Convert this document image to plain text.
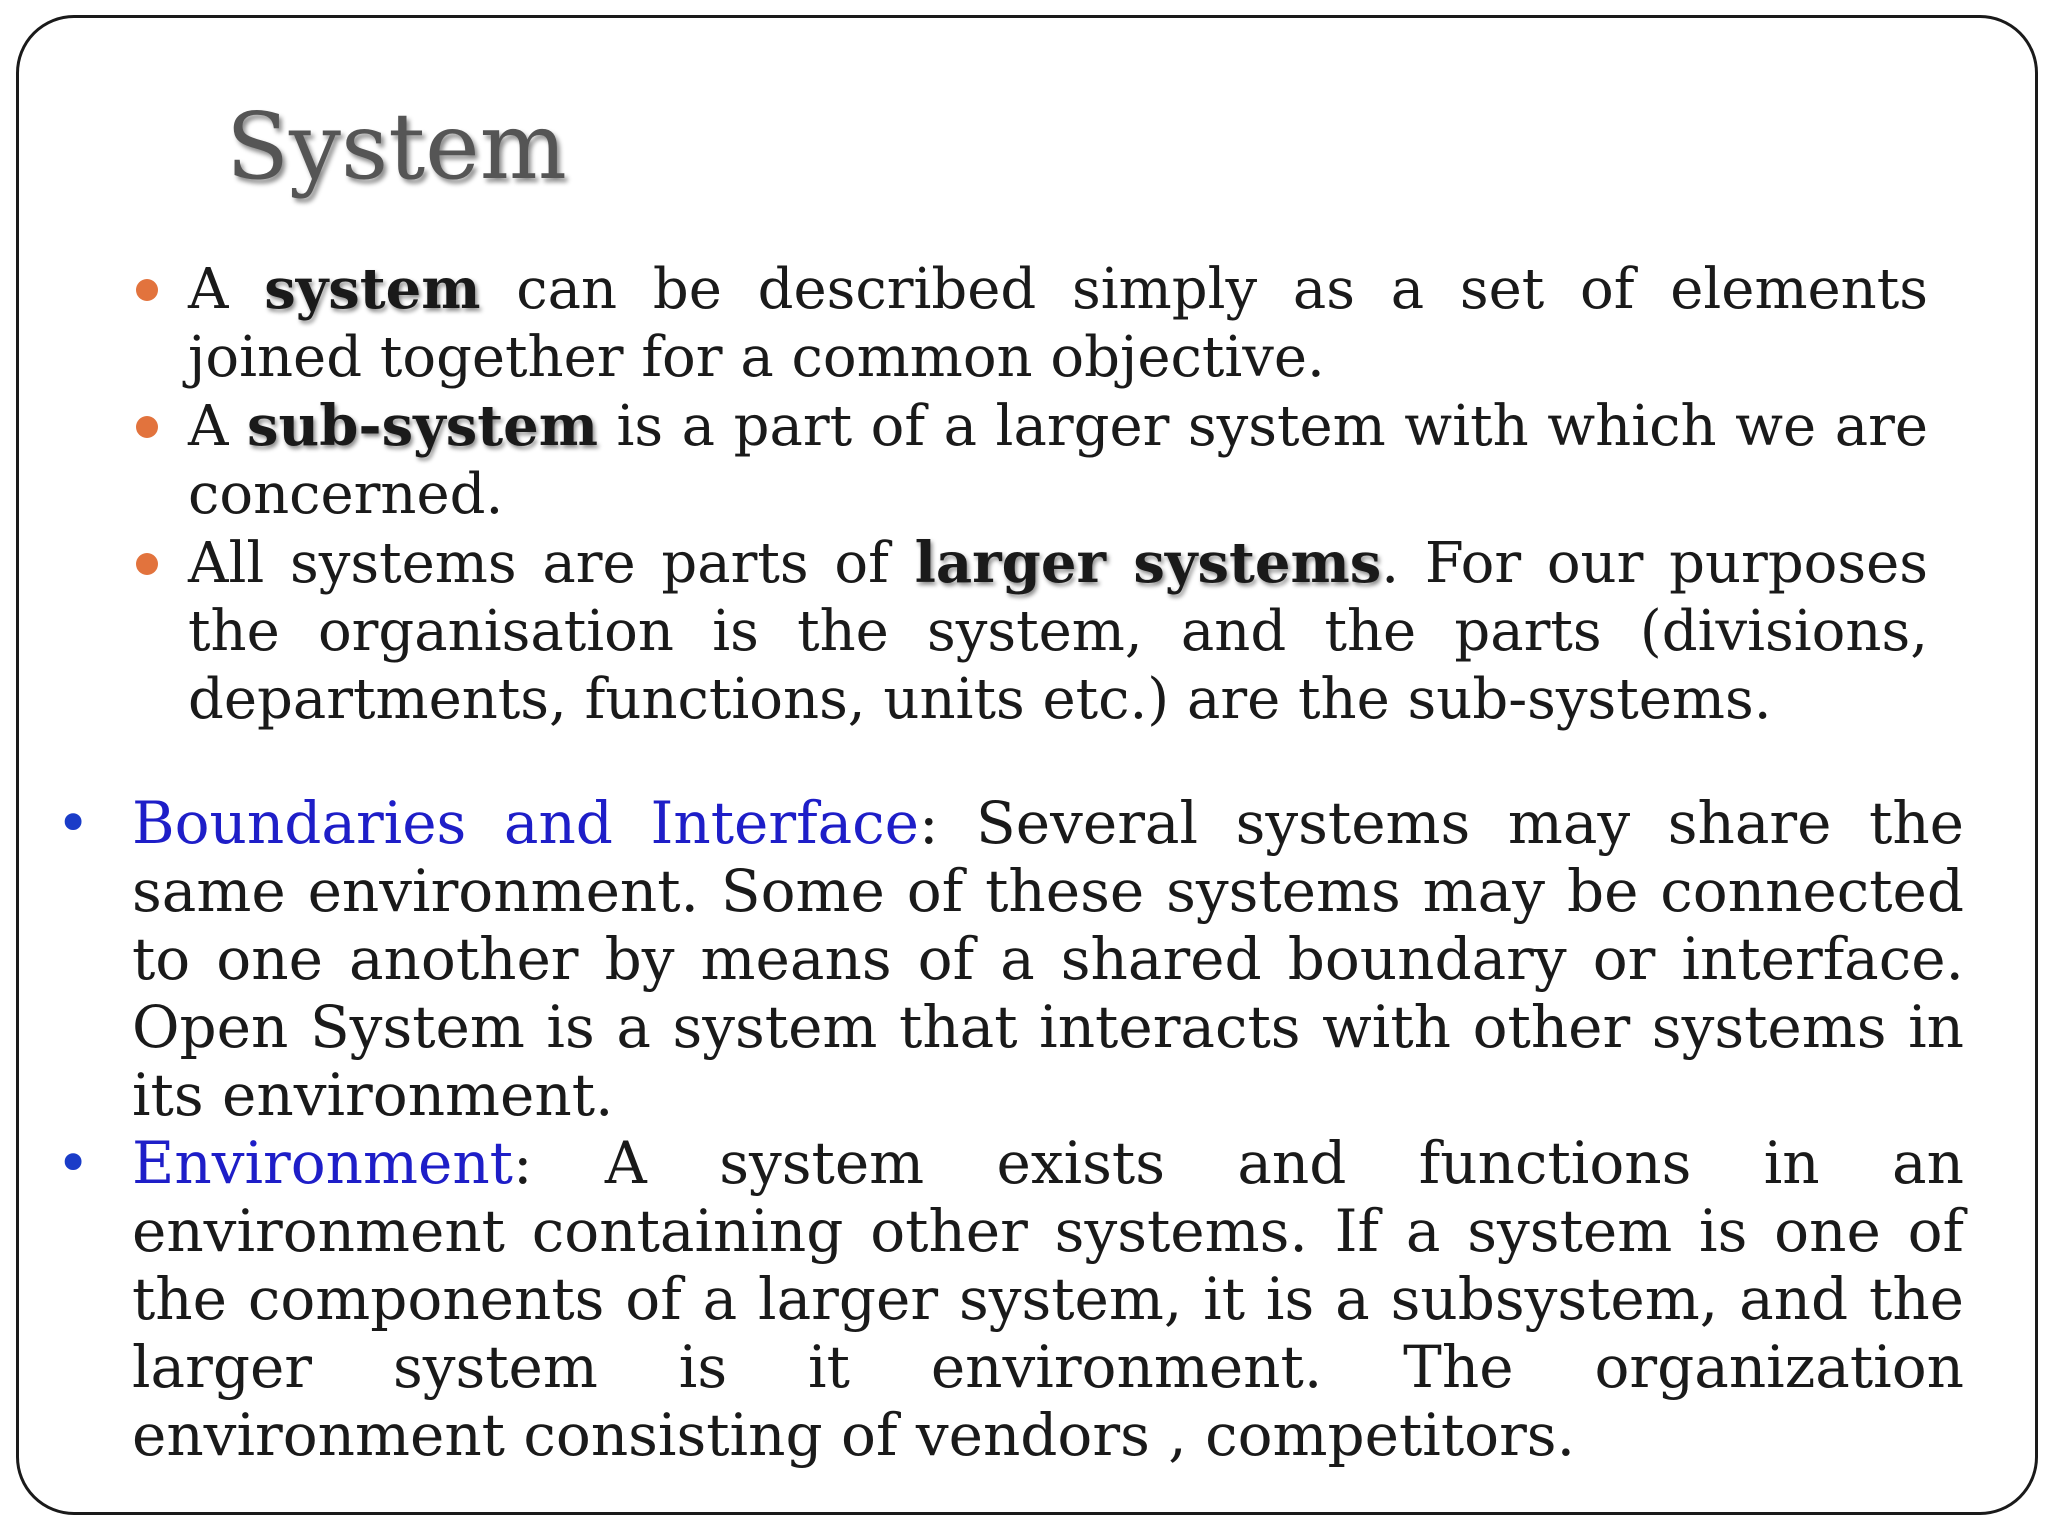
System
A system can be described simply as a set of elements joined together for a common objective.
A sub-system is a part of a larger system with which we are concerned.
All systems are parts of larger systems. For our purposes the organisation is the system, and the parts (divisions, departments, functions, units etc.) are the sub-systems.
• Boundaries and Interface: Several systems may share the same environment. Some of these systems may be connected to one another by means of a shared boundary or interface. Open System is a system that interacts with other systems in its environment.
• Environment: A system exists and functions in an environment containing other systems. If a system is one of the components of a larger system, it is a subsystem, and the larger system is it environment. The organization environment consisting of vendors , competitors.
